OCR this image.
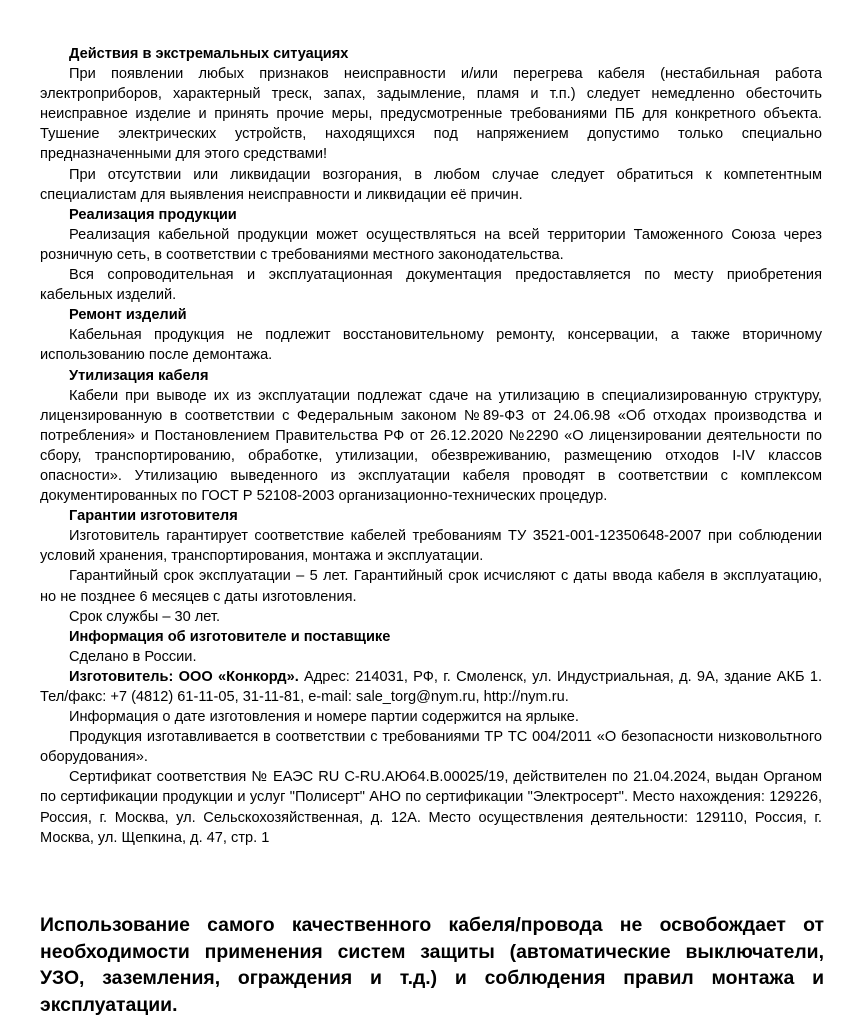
Действия в экстремальных ситуациях

При появлении любых признаков неисправности и/или перегрева кабеля (нестабильная работа электроприборов, характерный треск, запах, задымление, пламя и т.п.) следует немедленно обесточить неисправное изделие и принять прочие меры, предусмотренные требованиями ПБ для конкретного объекта. Тушение электрических устройств, находящихся под напряжением допустимо только специально предназначенными для этого средствами!

При отсутствии или ликвидации возгорания, в любом случае следует обратиться к компетентным специалистам для выявления неисправности и ликвидации её причин.

Реализация продукции

Реализация кабельной продукции может осуществляться на всей территории Таможенного Союза через розничную сеть, в соответствии с требованиями местного законодательства.

Вся сопроводительная и эксплуатационная документация предоставляется по месту приобретения кабельных изделий.

Ремонт изделий

Кабельная продукция не подлежит восстановительному ремонту, консервации, а также вторичному использованию после демонтажа.

Утилизация кабеля

Кабели при выводе их из эксплуатации подлежат сдаче на утилизацию в специализированную структуру, лицензированную в соответствии с Федеральным законом №89-ФЗ от 24.06.98 «Об отходах производства и потребления» и Постановлением Правительства РФ от 26.12.2020 №2290 «О лицензировании деятельности по сбору, транспортированию, обработке, утилизации, обезвреживанию, размещению отходов I-IV классов опасности». Утилизацию выведенного из эксплуатации кабеля проводят в соответствии с комплексом документированных по ГОСТ Р 52108-2003 организационно-технических процедур.

Гарантии изготовителя

Изготовитель гарантирует соответствие кабелей требованиям ТУ 3521-001-12350648-2007 при соблюдении условий хранения, транспортирования, монтажа и эксплуатации.

Гарантийный срок эксплуатации – 5 лет. Гарантийный срок исчисляют с даты ввода кабеля в эксплуатацию, но не позднее 6 месяцев с даты изготовления.

Срок службы – 30 лет.

Информация об изготовителе и поставщике

Сделано в России.

Изготовитель: ООО «Конкорд». Адрес: 214031, РФ, г. Смоленск, ул. Индустриальная, д. 9А, здание АКБ 1. Тел/факс: +7 (4812) 61-11-05, 31-11-81, e-mail: sale_torg@nym.ru, http://nym.ru.

Информация о дате изготовления и номере партии содержится на ярлыке.

Продукция изготавливается в соответствии с требованиями ТР ТС 004/2011 «О безопасности низковольтного оборудования».

Сертификат соответствия № ЕАЭС RU C-RU.АЮ64.В.00025/19, действителен по 21.04.2024, выдан Органом по сертификации продукции и услуг "Полисерт" АНО по сертификации "Электросерт". Место нахождения: 129226, Россия, г. Москва, ул. Сельскохозяйственная, д. 12А. Место осуществления деятельности: 129110, Россия, г. Москва, ул. Щепкина, д. 47, стр. 1

Использование самого качественного кабеля/провода не освобождает от необходимости применения систем защиты (автоматические выключатели, УЗО, заземления, ограждения и т.д.) и соблюдения правил монтажа и эксплуатации.
